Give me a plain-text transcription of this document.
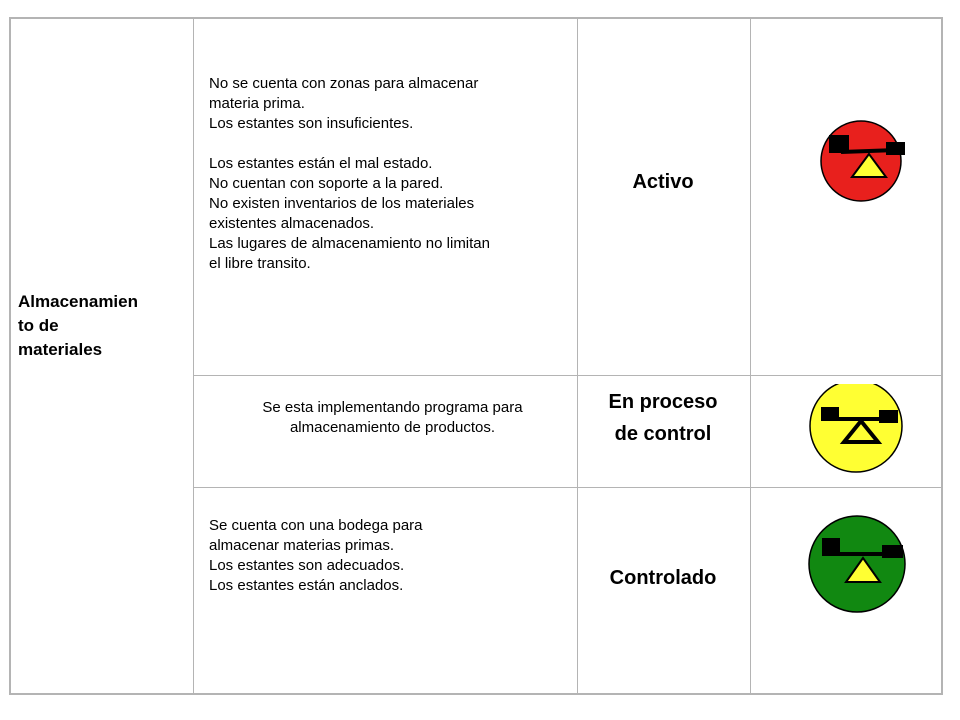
Almacenamien
to de
materiales

No se cuenta con zonas para almacenar

materia prima.

Los estantes son insuficientes.

Los estantes están el mal estado.

No cuentan con soporte a la pared.

No existen inventarios de los materiales

existentes almacenados.

Las lugares de almacenamiento no limitan

el libre transito.

Activo

Se esta implementando programa para

almacenamiento de productos.

En proceso
de control

Se cuenta con una bodega para

almacenar materias primas.

Los estantes son adecuados.

Los estantes están anclados.	Controlado
